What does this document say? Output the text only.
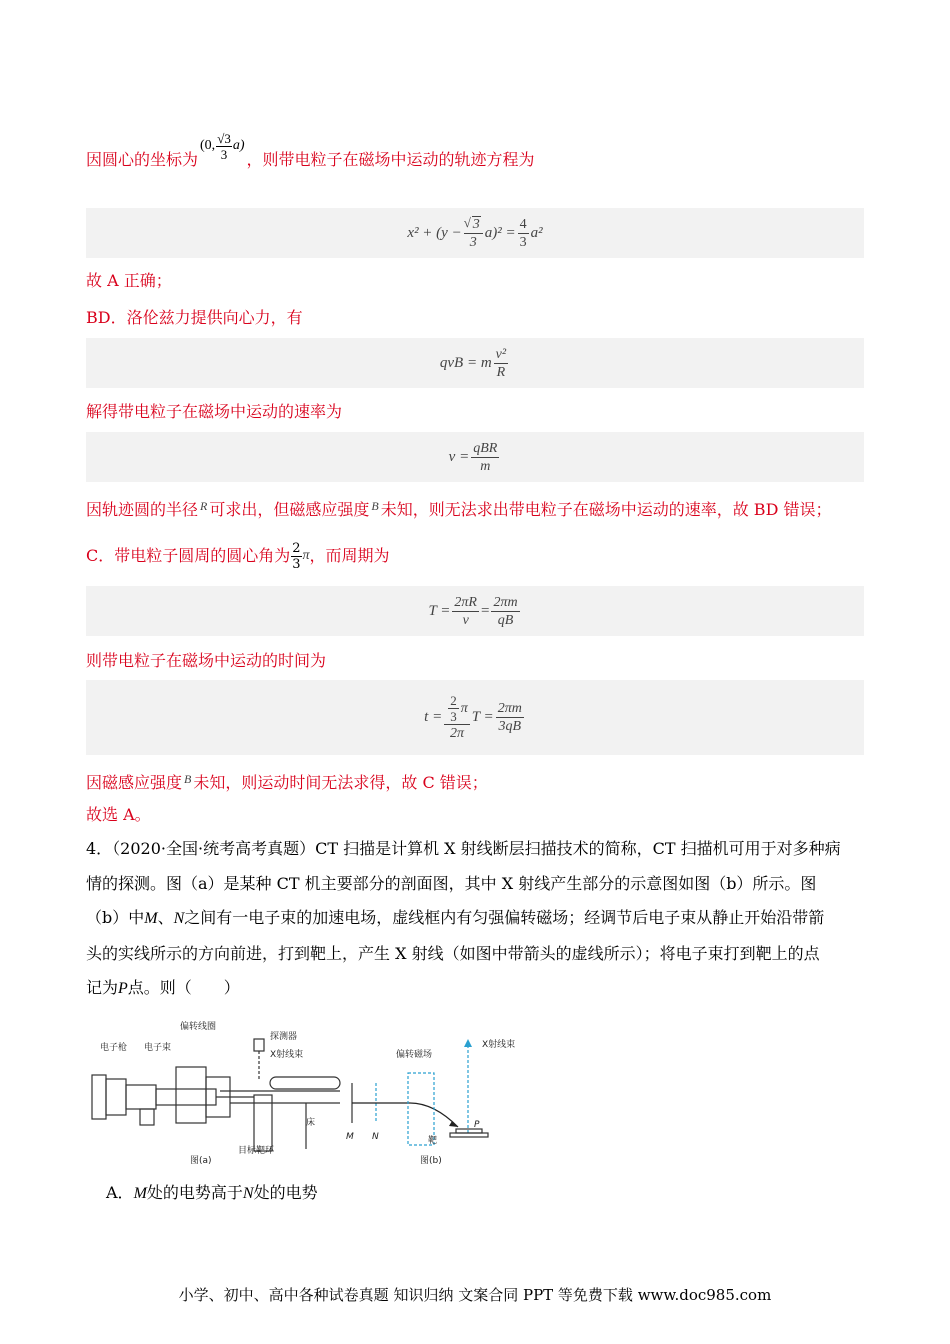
因圆心的坐标为
(0, √3
3
a)
，则带电粒子在磁场中运动的轨迹方程为
$x^2 + (y - \frac{√ 3}{3} a)^2 = \frac{4}{3} a^2$
故 A 正确；
BD．洛伦兹力提供向心力，有
qvB = m $\frac{\text{v²}}{R}$
解得带电粒子在磁场中运动的速率为
$v = \frac{\text{qBR}}{m}$
因轨迹圆的半径 $^R$ 可求出，但磁感应强度 $^B$ 未知，则无法求出带电粒子在磁场中运动的速率，故 BD 错误；
C．带电粒子圆周的圆心角为 2
3
π ，而周期为
$T = \frac{2\pi R}{v} = \frac{2\pi m}{qB}$
则带电粒子在磁场中运动的时间为
$t = \frac{\frac{2}{3} \pi}{2\pi}$ $T = \frac{2\pi m}{3qB}$
因磁感应强度 $^B$ 未知，则运动时间无法求得，故 C 错误；
故选 A。
4．（2020·全国·统考高考真题）CT 扫描是计算机 X 射线断层扫描技术的简称，CT 扫描机可用于对多种病
情的探测。图（a）是某种 CT 机主要部分的剖面图，其中 X 射线产生部分的示意图如图（b）所示。图
（b）中M、N之间有一电子束的加速电场，虚线框内有匀强偏转磁场；经调节后电子束从静止开始沿带箭
头的实线所示的方向前进，打到靶上，产生 X 射线（如图中带箭头的虚线所示）；将电子束打到靶上的点
记为P点。则（　　）
电子枪 电子束
偏转线圈
探测器
X射线束
床
目标靶环
图(a)
偏转磁场
X射线束
M N
P
靶
图(b)
A．M处的电势高于N处的电势
小学、初中、高中各种试卷真题 知识归纳 文案合同 PPT 等免费下载 www.doc985.com
